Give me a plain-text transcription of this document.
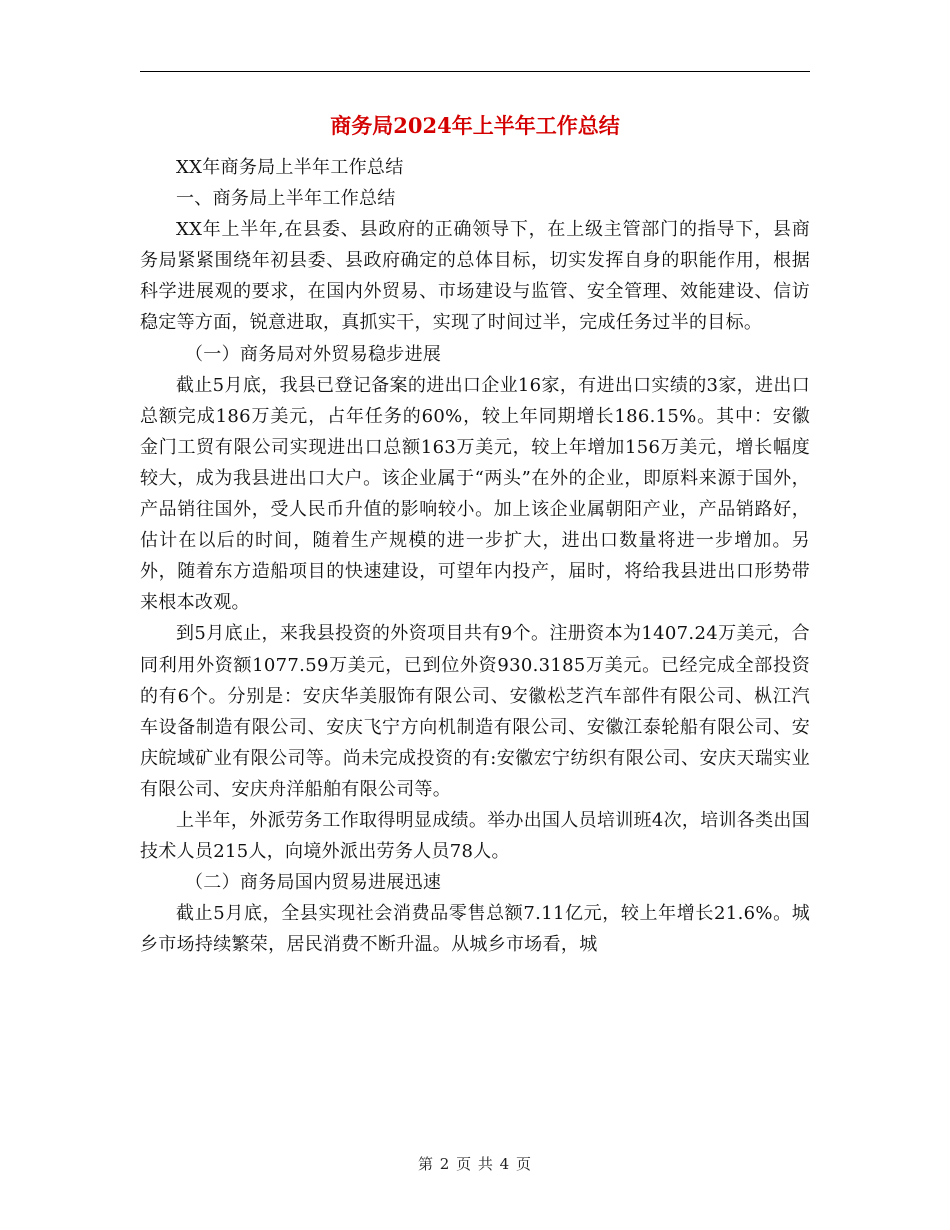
商务局2024年上半年工作总结

XX年商务局上半年工作总结

一、商务局上半年工作总结

XX年上半年,在县委、县政府的正确领导下，在上级主管部门的指导下，县商务局紧紧围绕年初县委、县政府确定的总体目标，切实发挥自身的职能作用，根据科学进展观的要求，在国内外贸易、市场建设与监管、安全管理、效能建设、信访稳定等方面，锐意进取，真抓实干，实现了时间过半，完成任务过半的目标。

（一）商务局对外贸易稳步进展

截止5月底，我县已登记备案的进出口企业16家，有进出口实绩的3家，进出口总额完成186万美元，占年任务的60%，较上年同期增长186.15%。其中：安徽金门工贸有限公司实现进出口总额163万美元，较上年增加156万美元，增长幅度较大，成为我县进出口大户。该企业属于“两头”在外的企业，即原料来源于国外，产品销往国外，受人民币升值的影响较小。加上该企业属朝阳产业，产品销路好，估计在以后的时间，随着生产规模的进一步扩大，进出口数量将进一步增加。另外，随着东方造船项目的快速建设，可望年内投产，届时，将给我县进出口形势带来根本改观。

到5月底止，来我县投资的外资项目共有9个。注册资本为1407.24万美元，合同利用外资额1077.59万美元，已到位外资930.3185万美元。已经完成全部投资的有6个。分别是：安庆华美服饰有限公司、安徽松芝汽车部件有限公司、枞江汽车设备制造有限公司、安庆飞宁方向机制造有限公司、安徽江泰轮船有限公司、安庆皖域矿业有限公司等。尚未完成投资的有:安徽宏宁纺织有限公司、安庆天瑞实业有限公司、安庆舟洋船舶有限公司等。

上半年，外派劳务工作取得明显成绩。举办出国人员培训班4次，培训各类出国技术人员215人，向境外派出劳务人员78人。

（二）商务局国内贸易进展迅速

截止5月底，全县实现社会消费品零售总额7.11亿元，较上年增长21.6%。城乡市场持续繁荣，居民消费不断升温。从城乡市场看，城

第 2 页 共 4 页
